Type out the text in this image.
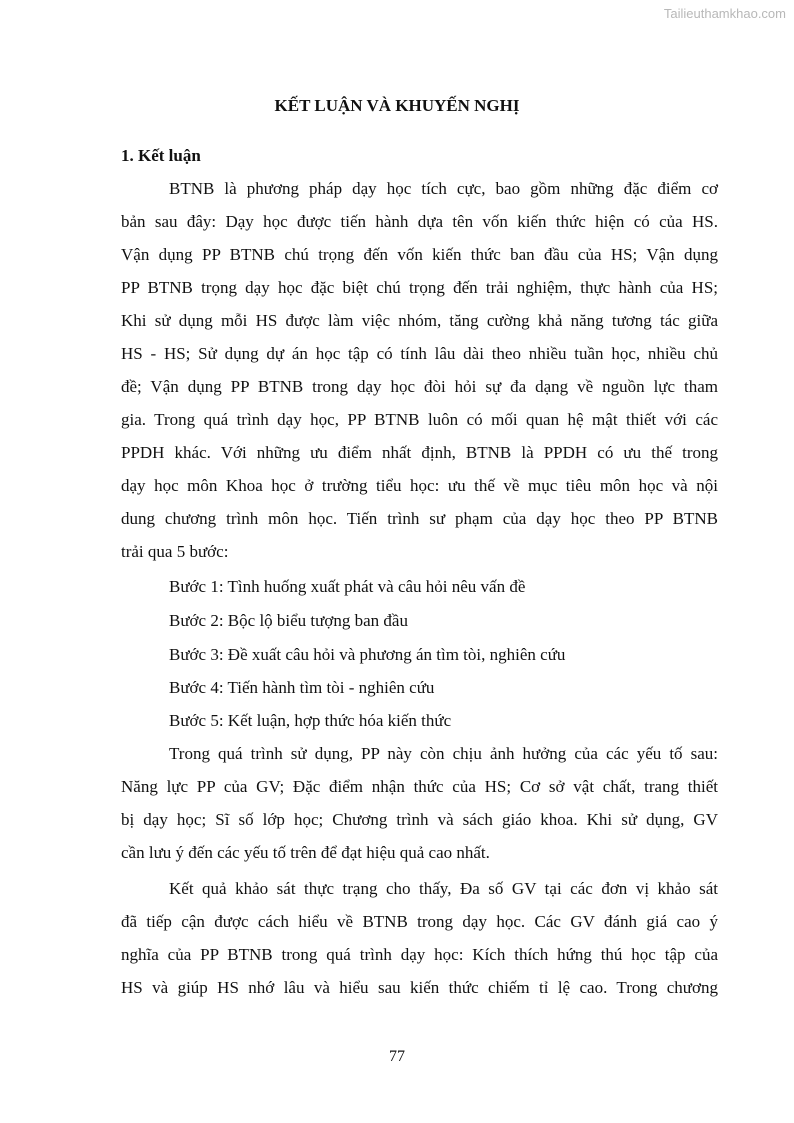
Tailieuthamkhao.com
KẾT LUẬN VÀ KHUYẾN NGHỊ
1. Kết luận
BTNB là phương pháp dạy học tích cực, bao gồm những đặc điểm cơ
bản sau đây: Dạy học được tiến hành dựa tên vốn kiến thức hiện có của HS.
Vận dụng PP BTNB chú trọng đến vốn kiến thức ban đầu của HS; Vận dụng
PP BTNB trọng dạy học đặc biệt chú trọng đến trải nghiệm, thực hành của HS;
Khi sử dụng mỗi HS được làm việc nhóm, tăng cường khả năng tương tác giữa
HS - HS; Sử dụng dự án học tập có tính lâu dài theo nhiều tuần học, nhiều chủ
đề; Vận dụng PP BTNB trong dạy học đòi hỏi sự đa dạng về nguồn lực tham
gia. Trong quá trình dạy học, PP BTNB luôn có mối quan hệ mật thiết với các
PPDH khác. Với những ưu điểm nhất định, BTNB là PPDH có ưu thế trong
dạy học môn Khoa học ở trường tiểu học: ưu thế về mục tiêu môn học và nội
dung chương trình môn học. Tiến trình sư phạm của dạy học theo PP BTNB
trải qua 5 bước:
Bước 1: Tình huống xuất phát và câu hỏi nêu vấn đề
Bước 2: Bộc lộ biểu tượng ban đầu
Bước 3: Đề xuất câu hỏi và phương án tìm tòi, nghiên cứu
Bước 4: Tiến hành tìm tòi - nghiên cứu
Bước 5: Kết luận, hợp thức hóa kiến thức
Trong quá trình sử dụng, PP này còn chịu ảnh hưởng của các yếu tố sau:
Năng lực PP của GV; Đặc điểm nhận thức của HS; Cơ sở vật chất, trang thiết
bị dạy học; Sĩ số lớp học; Chương trình và sách giáo khoa. Khi sử dụng, GV
cần lưu ý đến các yếu tố trên để đạt hiệu quả cao nhất.
Kết quả khảo sát thực trạng cho thấy, Đa số GV tại các đơn vị khảo sát
đã tiếp cận được cách hiểu về BTNB trong dạy học. Các GV đánh giá cao ý
nghĩa của PP BTNB trong quá trình dạy học: Kích thích hứng thú học tập của
HS và giúp HS nhớ lâu và hiểu sau kiến thức chiếm tỉ lệ cao. Trong chương
77
